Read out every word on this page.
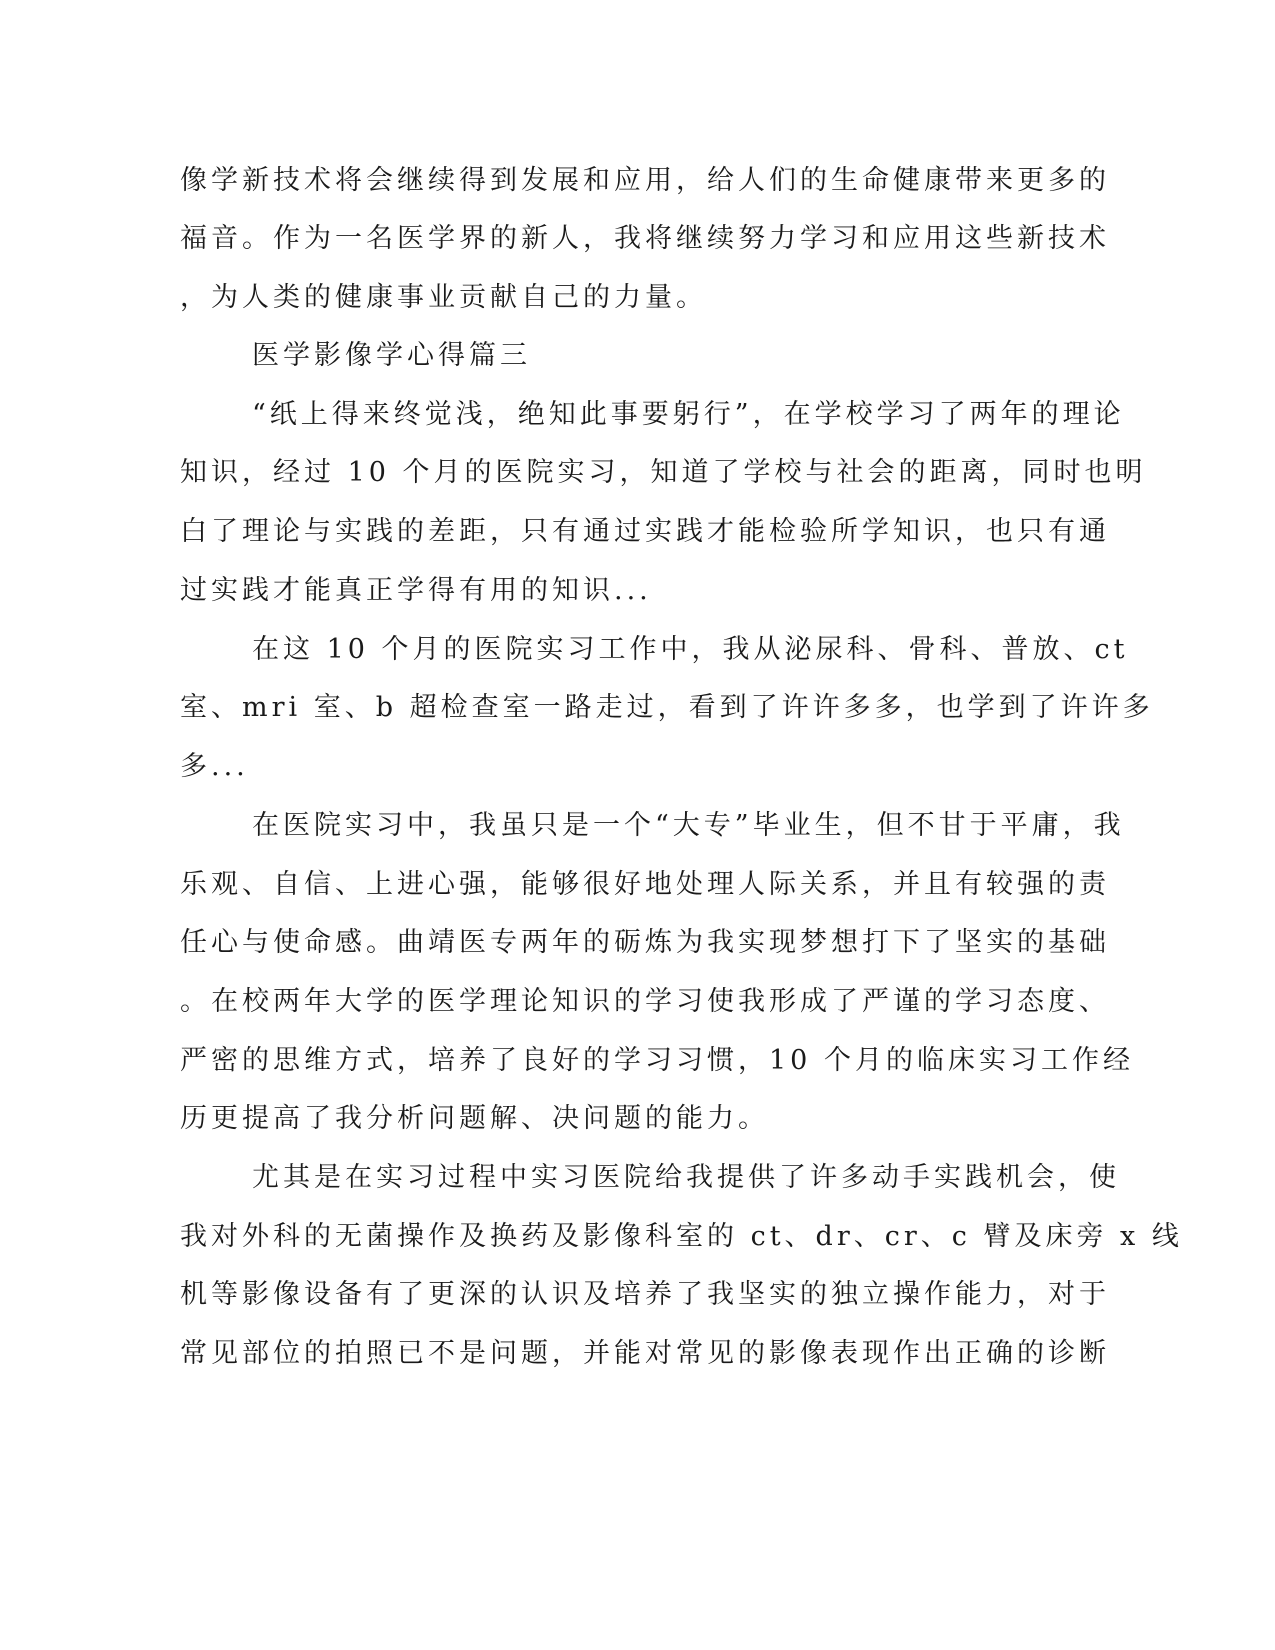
像学新技术将会继续得到发展和应用，给人们的生命健康带来更多的
福音。作为一名医学界的新人，我将继续努力学习和应用这些新技术
，为人类的健康事业贡献自己的力量。
医学影像学心得篇三
“纸上得来终觉浅，绝知此事要躬行”，在学校学习了两年的理论
知识，经过 10 个月的医院实习，知道了学校与社会的距离，同时也明
白了理论与实践的差距，只有通过实践才能检验所学知识，也只有通
过实践才能真正学得有用的知识...
在这 10 个月的医院实习工作中，我从泌尿科、骨科、普放、ct
室、mri 室、b 超检查室一路走过，看到了许许多多，也学到了许许多
多...
在医院实习中，我虽只是一个“大专”毕业生，但不甘于平庸，我
乐观、自信、上进心强，能够很好地处理人际关系，并且有较强的责
任心与使命感。曲靖医专两年的砺炼为我实现梦想打下了坚实的基础
。在校两年大学的医学理论知识的学习使我形成了严谨的学习态度、
严密的思维方式，培养了良好的学习习惯，10 个月的临床实习工作经
历更提高了我分析问题解、决问题的能力。
尤其是在实习过程中实习医院给我提供了许多动手实践机会，使
我对外科的无菌操作及换药及影像科室的 ct、dr、cr、c 臂及床旁 x 线
机等影像设备有了更深的认识及培养了我坚实的独立操作能力，对于
常见部位的拍照已不是问题，并能对常见的影像表现作出正确的诊断
